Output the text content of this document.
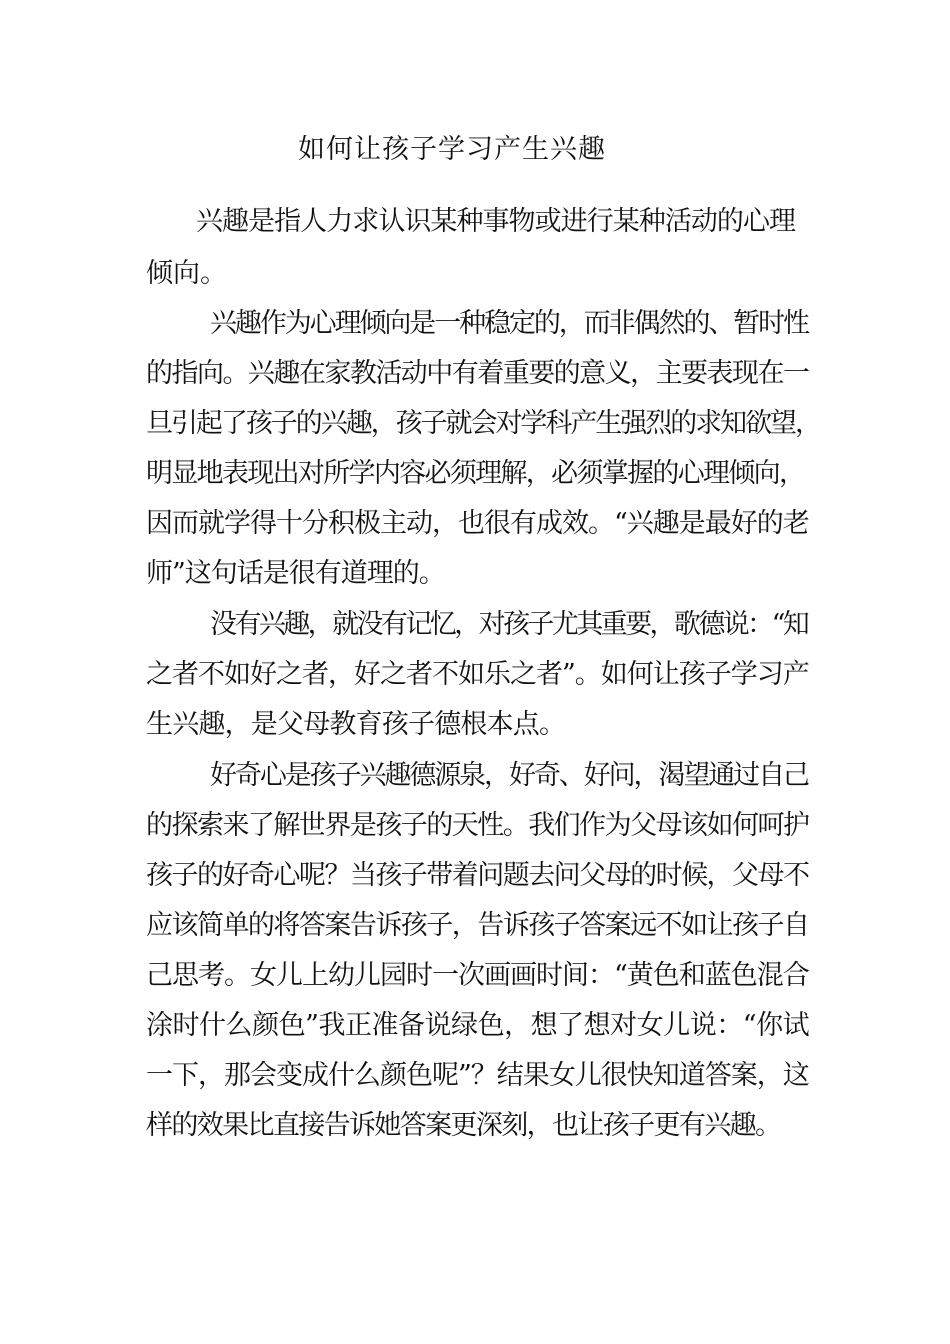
如何让孩子学习产生兴趣
兴趣是指人力求认识某种事物或进行某种活动的心理
倾向。
兴趣作为心理倾向是一种稳定的，而非偶然的、暂时性
的指向。兴趣在家教活动中有着重要的意义，主要表现在一
旦引起了孩子的兴趣，孩子就会对学科产生强烈的求知欲望，
明显地表现出对所学内容必须理解，必须掌握的心理倾向，
因而就学得十分积极主动，也很有成效。“兴趣是最好的老
师”这句话是很有道理的。
没有兴趣，就没有记忆，对孩子尤其重要，歌德说：“知
之者不如好之者，好之者不如乐之者”。如何让孩子学习产
生兴趣，是父母教育孩子德根本点。
好奇心是孩子兴趣德源泉，好奇、好问，渴望通过自己
的探索来了解世界是孩子的天性。我们作为父母该如何呵护
孩子的好奇心呢？当孩子带着问题去问父母的时候，父母不
应该简单的将答案告诉孩子，告诉孩子答案远不如让孩子自
己思考。女儿上幼儿园时一次画画时间：“黄色和蓝色混合
涂时什么颜色”我正准备说绿色，想了想对女儿说：“你试
一下，那会变成什么颜色呢”？结果女儿很快知道答案，这
样的效果比直接告诉她答案更深刻，也让孩子更有兴趣。
